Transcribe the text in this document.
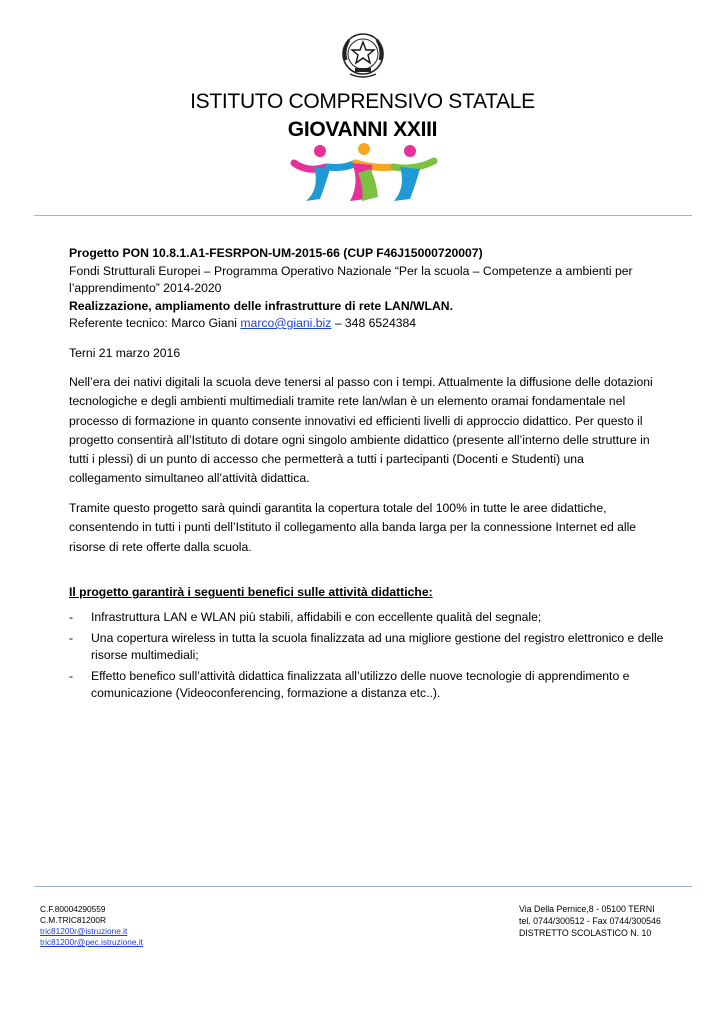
ISTITUTO COMPRENSIVO STATALE
GIOVANNI XXIII
Progetto PON 10.8.1.A1-FESRPON-UM-2015-66 (CUP F46J15000720007)
Fondi Strutturali Europei – Programma Operativo Nazionale “Per la scuola – Competenze a ambienti per l’apprendimento” 2014-2020
Realizzazione, ampliamento delle infrastrutture di rete LAN/WLAN.
Referente tecnico: Marco Giani marco@giani.biz – 348 6524384
Terni 21 marzo 2016
Nell’era dei nativi digitali la scuola deve tenersi al passo con i tempi. Attualmente la diffusione delle dotazioni tecnologiche e degli ambienti multimediali tramite rete lan/wlan è un elemento oramai fondamentale nel processo di formazione in quanto consente innovativi ed efficienti livelli di approccio didattico. Per questo il progetto consentirà all’Istituto di dotare ogni singolo ambiente didattico (presente all’interno delle strutture in tutti i plessi) di un punto di accesso che permetterà a tutti i partecipanti (Docenti e Studenti) una collegamento simultaneo all’attività didattica.
Tramite questo progetto sarà quindi garantita la copertura totale del 100% in tutte le aree didattiche, consentendo in tutti i punti dell’Istituto il collegamento alla banda larga per la connessione Internet ed alle risorse di rete offerte dalla scuola.
Il progetto garantirà i seguenti benefici sulle attività didattiche:
- Infrastruttura LAN e WLAN più stabili, affidabili e con eccellente qualità del segnale;
- Una copertura wireless in tutta la scuola finalizzata ad una migliore gestione del registro elettronico e delle risorse multimediali;
- Effetto benefico sull’attività didattica finalizzata all’utilizzo delle nuove tecnologie di apprendimento e comunicazione (Videoconferencing, formazione a distanza etc..).
C.F.80004290559
C.M.TRIC81200R
tric81200r@istruzione.it
tric81200r@pec.istruzione.it
Via Della Pernice,8 - 05100 TERNI
tel. 0744/300512 - Fax 0744/300546
DISTRETTO SCOLASTICO N. 10
